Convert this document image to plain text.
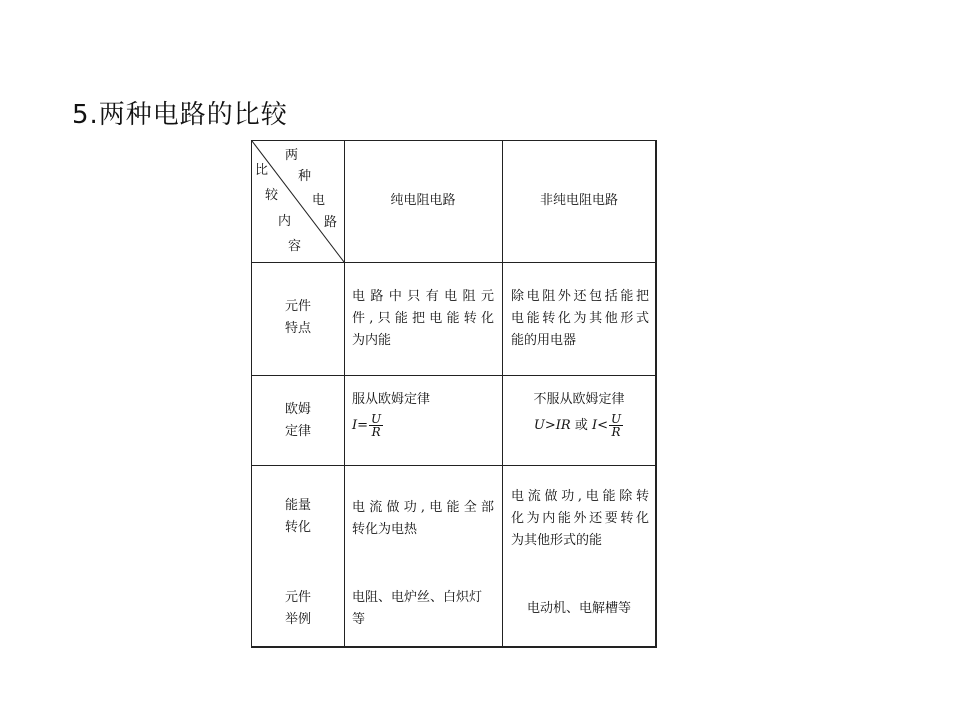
5.两种电路的比较
两
种
电
路
比
较
内
容
纯电阻电路	非纯电阻电路
元件
特点
电路中只有电阻元
件,只能把电能转化
为内能
除电阻外还包括能把
电能转化为其他形式
能的用电器
欧姆
定律
服从欧姆定律
$I= \frac{U}{R}$
不服从欧姆定律
U>IR 或 $I< \frac{U}{R}$
能量
转化
电流做功,电能全部
转化为电热
电流做功,电能除转
化为内能外还要转化
为其他形式的能
元件
举例
电阻、电炉丝、白炽灯
等
电动机、电解槽等
